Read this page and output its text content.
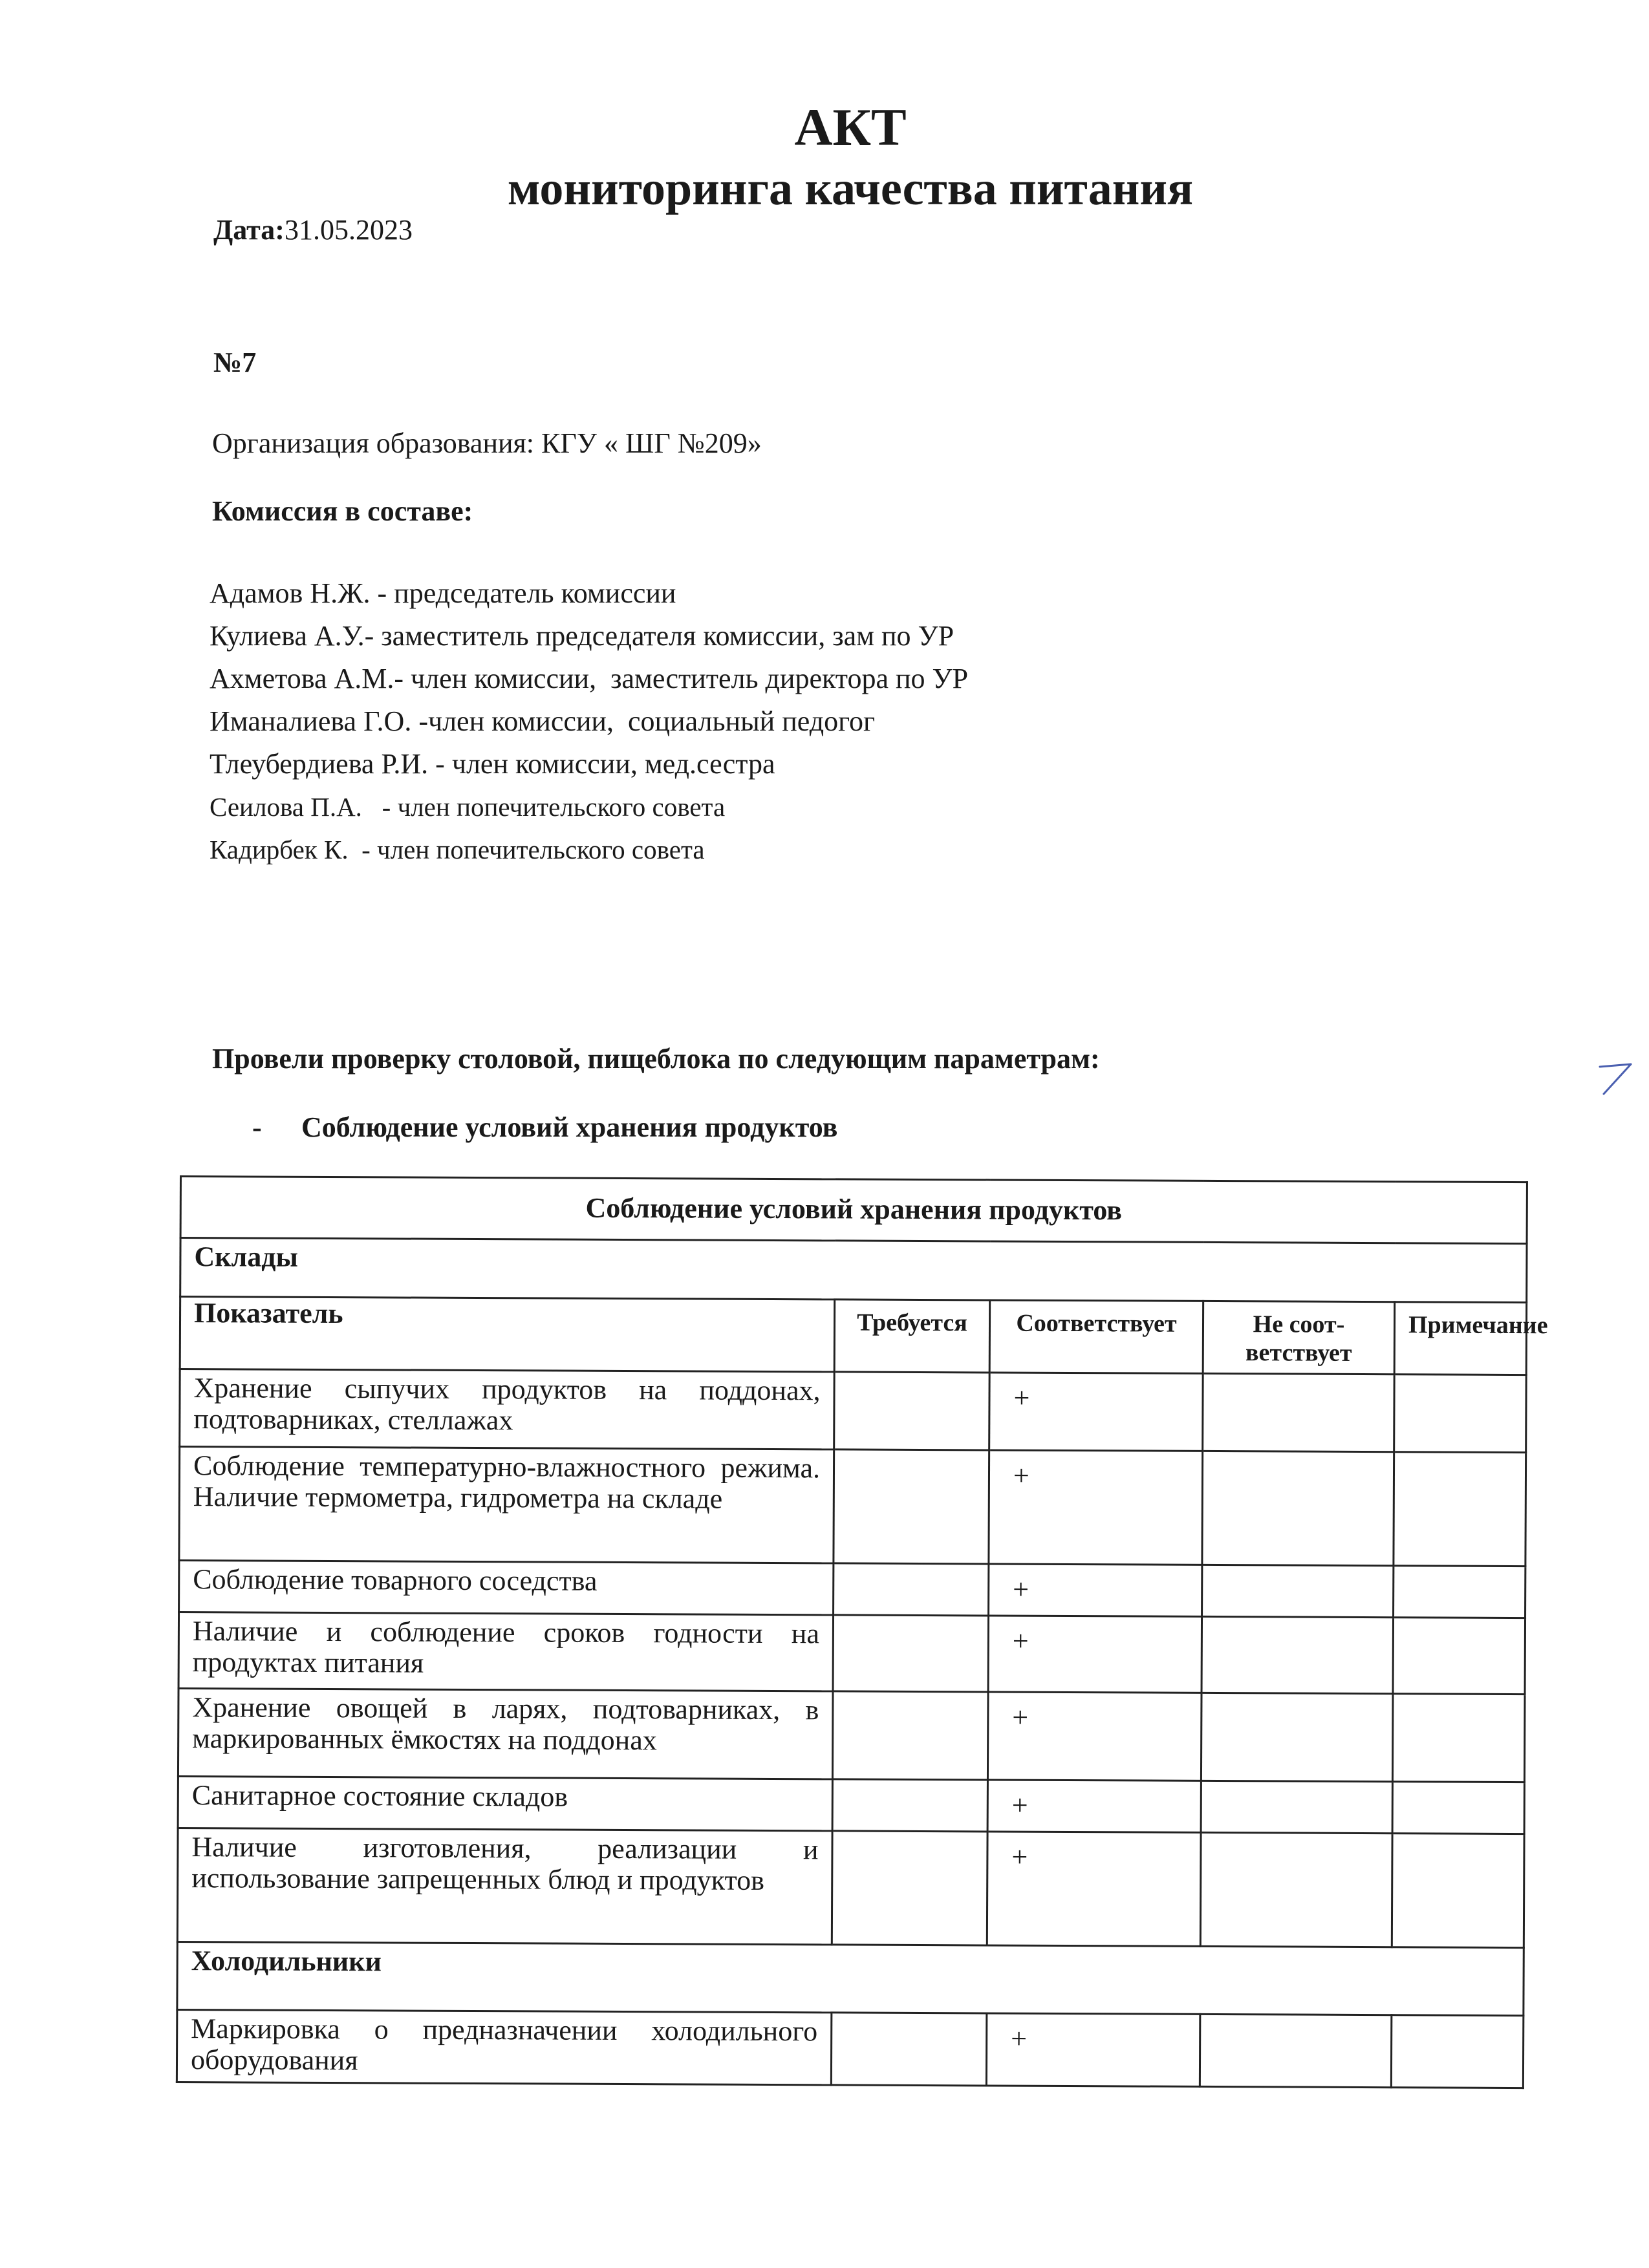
АКТ
мониторинга качества питания
Дата:31.05.2023
№7
Организация образования: КГУ « ШГ №209»
Комиссия в составе:
Адамов Н.Ж. - председатель комиссии
Кулиева А.У.- заместитель председателя комиссии, зам по УР
Ахметова А.М.- член комиссии,  заместитель директора по УР
Иманалиева Г.О. -член комиссии,  социальный педогог
Тлеубердиева Р.И. - член комиссии, мед.сестра
Сеилова П.А.   - член попечительского совета
Кадирбек К.  - член попечительского совета
Провели проверку столовой, пищеблока по следующим параметрам:
- Соблюдение условий хранения продуктов
Соблюдение условий хранения продуктов				
Склады				
Показатель	Требуется	Соответствует	Не соот-ветствует	Примечание
Хранение сыпучих продуктов на поддонах, подтоварниках, стеллажах		+		
Соблюдение температурно-влажностного режима. Наличие термометра, гидрометра на складе		+		
Соблюдение товарного соседства		+		
Наличие и соблюдение сроков годности на продуктах питания		+		
Хранение овощей в ларях, подтоварниках, в маркированных ёмкостях на поддонах		+		
Санитарное состояние складов		+		
Наличие изготовления, реализации и использование запрещенных блюд и продуктов		+		
Холодильники				
Маркировка о предназначении холодильного оборудования		+		
